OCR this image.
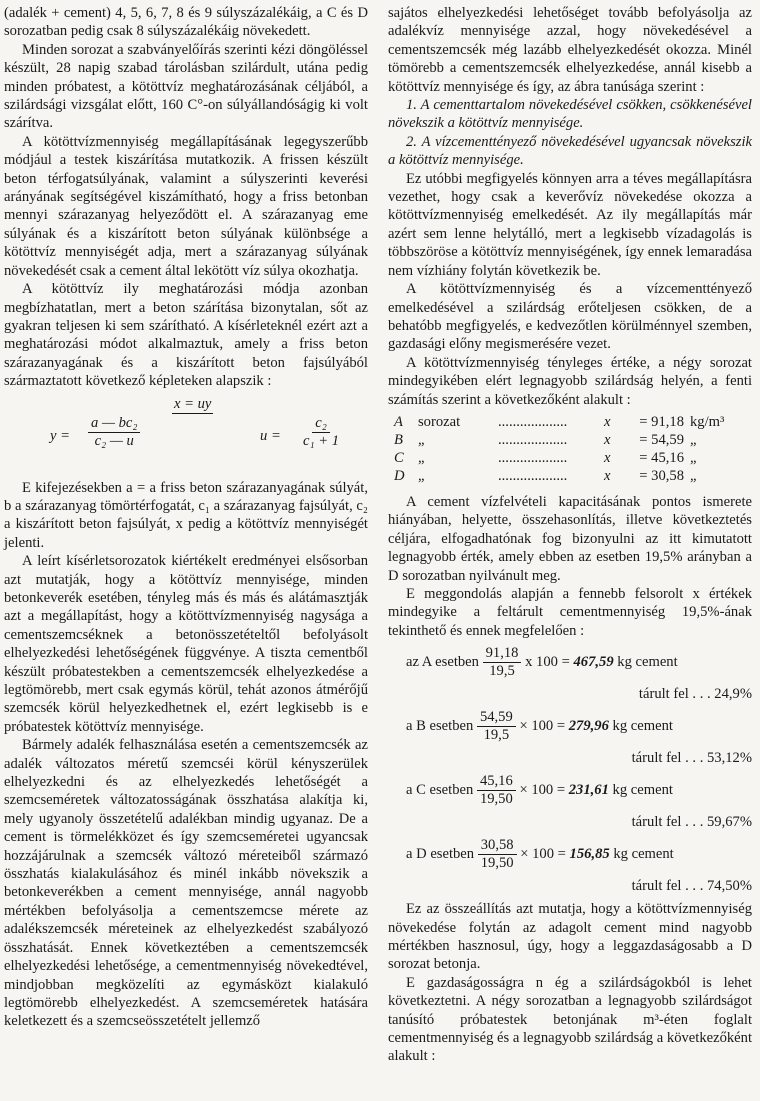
(adalék + cement) 4, 5, 6, 7, 8 és 9 súlyszázalékáig, a C és D sorozatban pedig csak 8 súlyszázalékáig növekedett.

Minden sorozat a szabványelőírás szerinti kézi döngöléssel készült, 28 napig szabad tárolásban szilárdult, utána pedig minden próbatest, a kötöttvíz meghatározásának céljából, a szilárdsági vizsgálat előtt, 160 C°-on súlyállandóságig ki volt szárítva.

A kötöttvízmennyiség megállapításának legegyszerűbb módjául a testek kiszárítása mutatkozik. A frissen készült beton térfogatsúlyának, valamint a súlyszerinti keverési arányának segítségével kiszámítható, hogy a friss betonban mennyi szárazanyag helyeződött el. A szárazanyag eme súlyának és a kiszárított beton súlyának különbsége a kötöttvíz mennyiségét adja, mert a szárazanyag súlyának növekedését csak a cement által lekötött víz súlya okozhatja.

A kötöttvíz ily meghatározási módja azonban megbízhatatlan, mert a beton szárítása bizonytalan, sőt az gyakran teljesen ki sem szárítható. A kísérleteknél ezért azt a meghatározási módot alkalmaztuk, amely a friss beton szárazanyagának és a kiszárított beton fajsúlyából származtatott következő képleteken alapszik :

x = uy
$y = \frac{\text{a — bc₂}}{\text{c₂ — u}}$	$u = \frac{\text{c₂}}{\text{c₁ + 1}}$

E kifejezésekben a = a friss beton szárazanyagának súlyát, b a szárazanyag tömörtérfogatát, c₁ a szárazanyag fajsúlyát, c₂ a kiszárított beton fajsúlyát, x pedig a kötöttvíz mennyiségét jelenti.

A leírt kísérletsorozatok kiértékelt eredményei elsősorban azt mutatják, hogy a kötöttvíz mennyisége, minden betonkeverék esetében, tényleg más és más és alátámasztják azt a megállapítást, hogy a kötöttvízmennyiség nagysága a cementszemcséknek a betonösszetételtől befolyásolt elhelyezkedési lehetőségének függvénye. A tiszta cementből készült próbatestekben a cementszemcsék elhelyezkedése a legtömörebb, mert csak egymás körül, tehát azonos átmérőjű szemcsék körül helyezkedhetnek el, ezért legkisebb is e próbatestek kötöttvíz mennyisége.

Bármely adalék felhasználása esetén a cementszemcsék az adalék változatos méretű szemcséi körül kényszerülek elhelyezkedni és az elhelyezkedés lehetőségét a szemcseméretek változatosságának összhatása alakítja ki, mely ugyanoly összetételű adalékban mindig ugyanaz. De a cement is törmelékközet és így szemcseméretei ugyancsak hozzájárulnak a szemcsék változó méreteiből származó összhatás kialakulásához és minél inkább növekszik a betonkeverékben a cement mennyisége, annál nagyobb mértékben befolyásolja a cementszemcse mérete az adalékszemcsék méreteinek az elhelyezkedést szabályozó összhatását. Ennek következtében a cementszemcsék elhelyezkedési lehetősége, a cementmennyiség növekedtével, mindjobban megközelíti az egymásközt kialakuló legtömörebb elhelyezkedést. A szemcseméretek hatására keletkezett és a szemcseösszetételt jellemző

sajátos elhelyezkedési lehetőséget tovább befolyásolja az adalékvíz mennyisége azzal, hogy növekedésével a cementszemcsék még lazább elhelyezkedését okozza. Minél tömörebb a cementszemcsék elhelyezkedése, annál kisebb a kötöttvíz mennyisége és így, az ábra tanúsága szerint :

1. A cementtartalom növekedésével csökken, csökkenésével növekszik a kötöttvíz mennyisége.

2. A vízcementtényező növekedésével ugyancsak növekszik a kötöttvíz mennyisége.

Ez utóbbi megfigyelés könnyen arra a téves megállapításra vezethet, hogy csak a keverővíz növekedése okozza a kötöttvízmennyiség emelkedését. Az ily megállapítás már azért sem lenne helytálló, mert a legkisebb vízadagolás is többszöröse a kötöttvíz mennyiségének, így ennek lemaradása nem vízhiány folytán következik be.

A kötöttvízmennyiség és a vízcementtényező emelkedésével a szilárdság erőteljesen csökken, de a behatóbb megfigyelés, e kedvezőtlen körülménnyel szemben, gazdasági előny megismerésére vezet.

A kötöttvízmennyiség tényleges értéke, a négy sorozat mindegyikében elért legnagyobb szilárdság helyén, a fenti számítás szerint a következőként alakult :

A	sorozat	...................	x	= 91,18 kg/m³
B	„	...................	x	= 54,59 „
C „	...................	x	= 45,16 „
D „	...................	x	= 30,58 „

A cement vízfelvételi kapacitásának pontos ismerete hiányában, helyette, összehasonlítás, illetve következtetés céljára, elfogadhatónak fog bizonyulni az itt kimutatott legnagyobb érték, amely ebben az esetben 19,5% arányban a D sorozatban nyilvánult meg.

E meggondolás alapján a fennebb felsorolt x értékek mindegyike a feltárult cementmennyiség 19,5%-ának tekinthető és ennek megfelelően :

az A esetben
$\frac{91,18}{19,5}$
x 100 =
467,59
kg cement
tárult fel . . . 24,9%
a B esetben
$\frac{54,59}{19,5}$
× 100 =
279,96
kg cement
tárult fel . . . 53,12%
a C esetben
$\frac{45,16}{19,50}$
× 100 =
231,61
kg cement
tárult fel . . . 59,67%
a D esetben
$\frac{30,58}{19,50}$
× 100 =
156,85
kg cement
tárult fel . . . 74,50%

Ez az összeállítás azt mutatja, hogy a kötöttvízmennyiség növekedése folytán az adagolt cement mind nagyobb mértékben hasznosul, úgy, hogy a leggazdaságosabb a D sorozat betonja.

E gazdaságosságra n ég a szilárdságokból is lehet következtetni. A négy sorozatban a legnagyobb szilárdságot tanúsító próbatestek betonjának m³-éten foglalt cementmennyiség és a legnagyobb szilárdság a következőként alakult :
